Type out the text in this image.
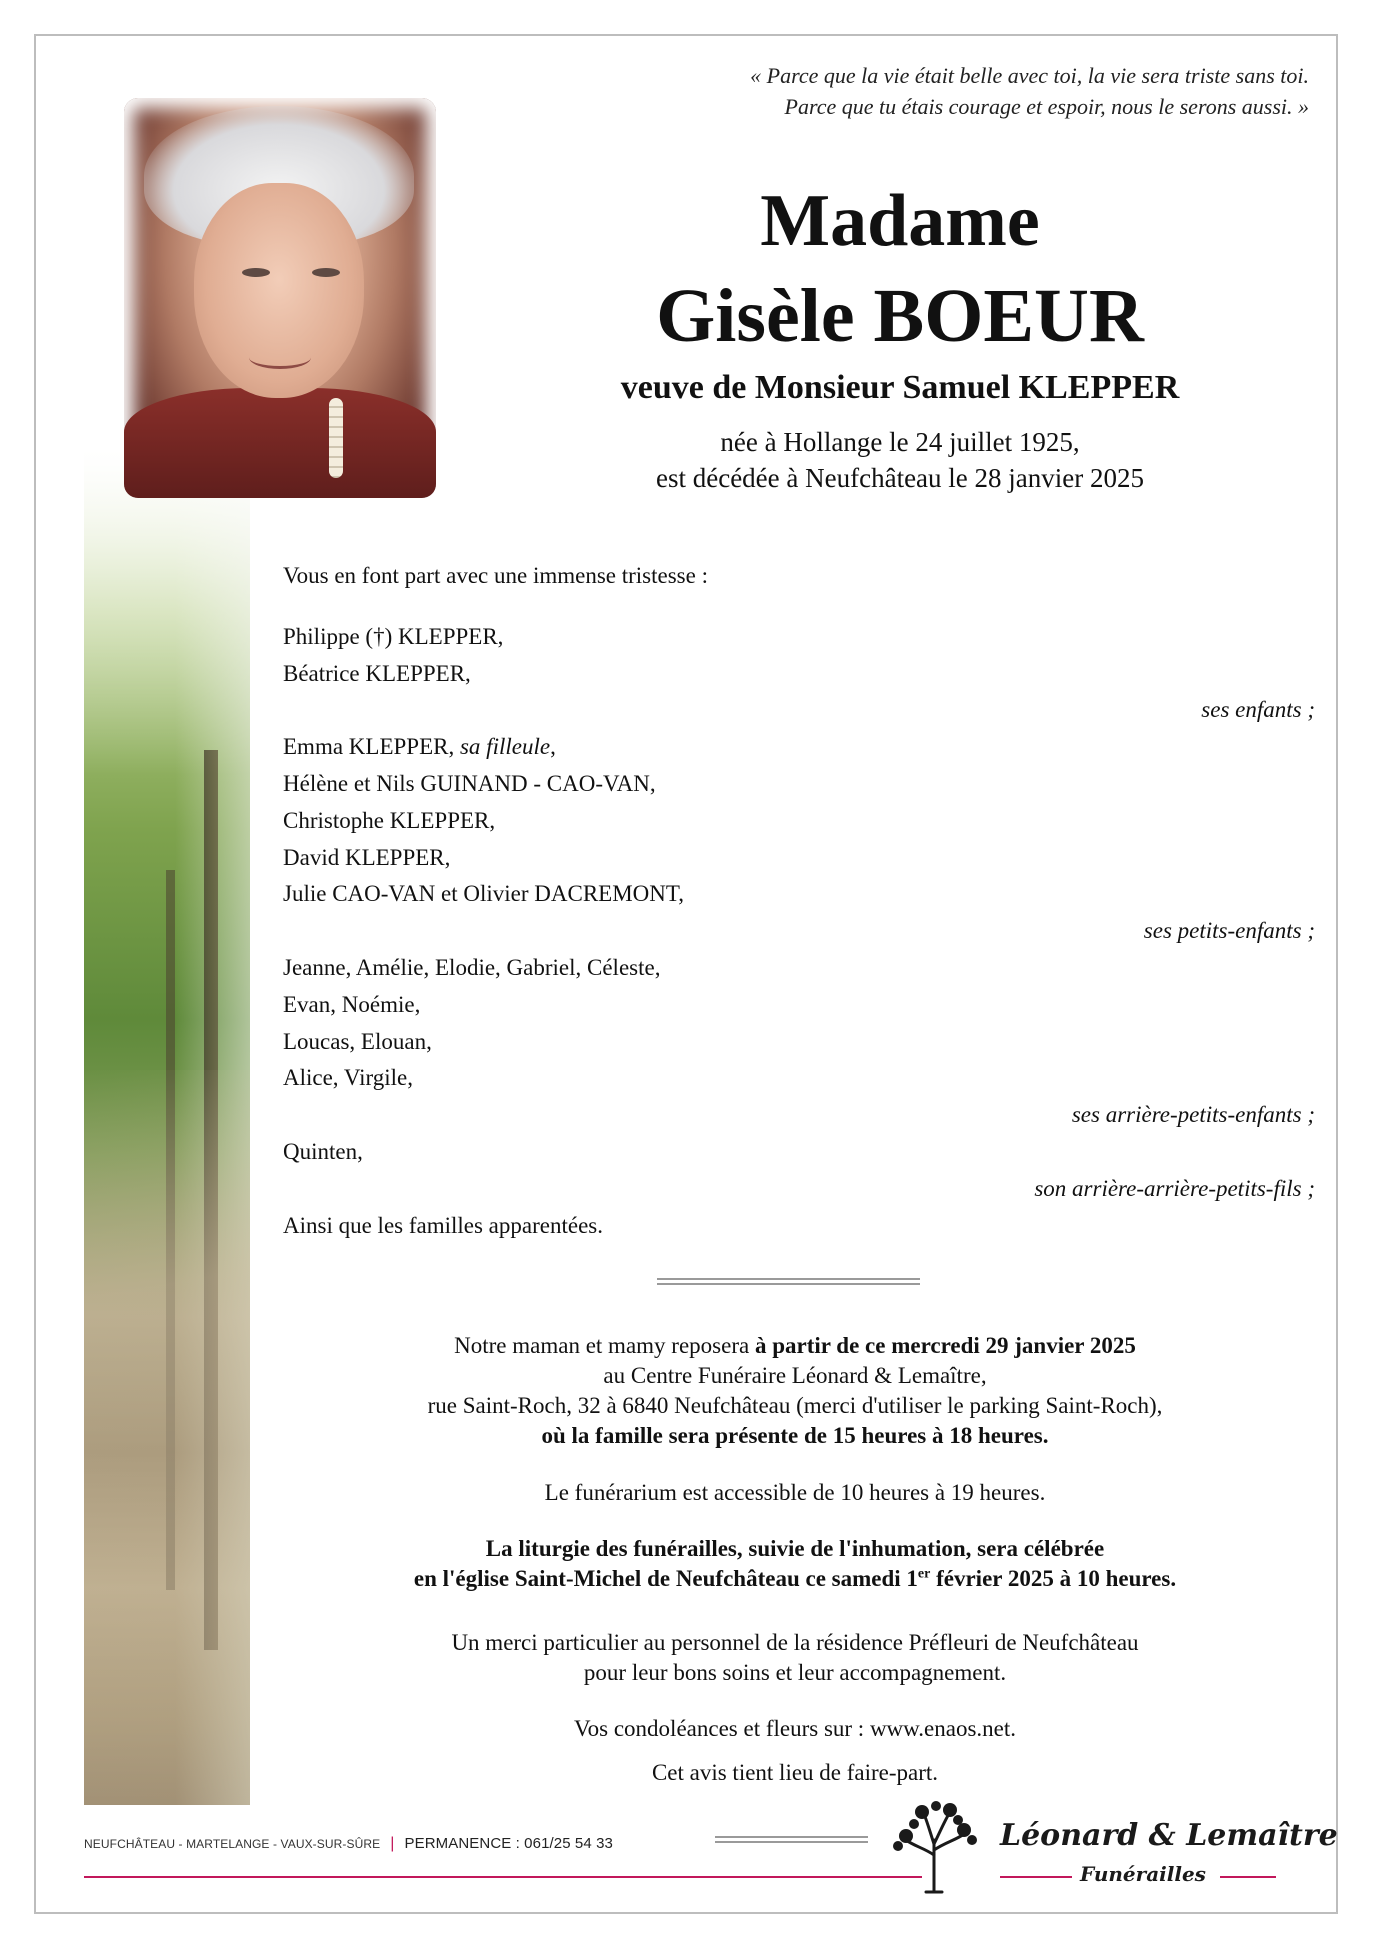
« Parce que la vie était belle avec toi, la vie sera triste sans toi.
Parce que tu étais courage et espoir, nous le serons aussi. »
Madame
Gisèle BOEUR
veuve de Monsieur Samuel KLEPPER
née à Hollange le 24 juillet 1925,
est décédée à Neufchâteau le 28 janvier 2025
Vous en font part avec une immense tristesse :
Philippe (†) KLEPPER,
Béatrice KLEPPER,
ses enfants ;
Emma KLEPPER, sa filleule,
Hélène et Nils GUINAND - CAO-VAN,
Christophe KLEPPER,
David KLEPPER,
Julie CAO-VAN et Olivier DACREMONT,
ses petits-enfants ;
Jeanne, Amélie, Elodie, Gabriel, Céleste,
Evan, Noémie,
Loucas, Elouan,
Alice, Virgile,
ses arrière-petits-enfants ;
Quinten,
son arrière-arrière-petits-fils ;
Ainsi que les familles apparentées.
Notre maman et mamy reposera à partir de ce mercredi 29 janvier 2025
au Centre Funéraire Léonard & Lemaître,
rue Saint-Roch, 32 à 6840 Neufchâteau (merci d'utiliser le parking Saint-Roch),
où la famille sera présente de 15 heures à 18 heures.
Le funérarium est accessible de 10 heures à 19 heures.
La liturgie des funérailles, suivie de l'inhumation, sera célébrée
en l'église Saint-Michel de Neufchâteau ce samedi 1er février 2025 à 10 heures.
Un merci particulier au personnel de la résidence Préfleuri de Neufchâteau
pour leur bons soins et leur accompagnement.
Vos condoléances et fleurs sur : www.enaos.net.
Cet avis tient lieu de faire-part.
NEUFCHÂTEAU - MARTELANGE - VAUX-SUR-SÛRE | PERMANENCE : 061/25 54 33	Léonard & Lemaître
Funérailles
